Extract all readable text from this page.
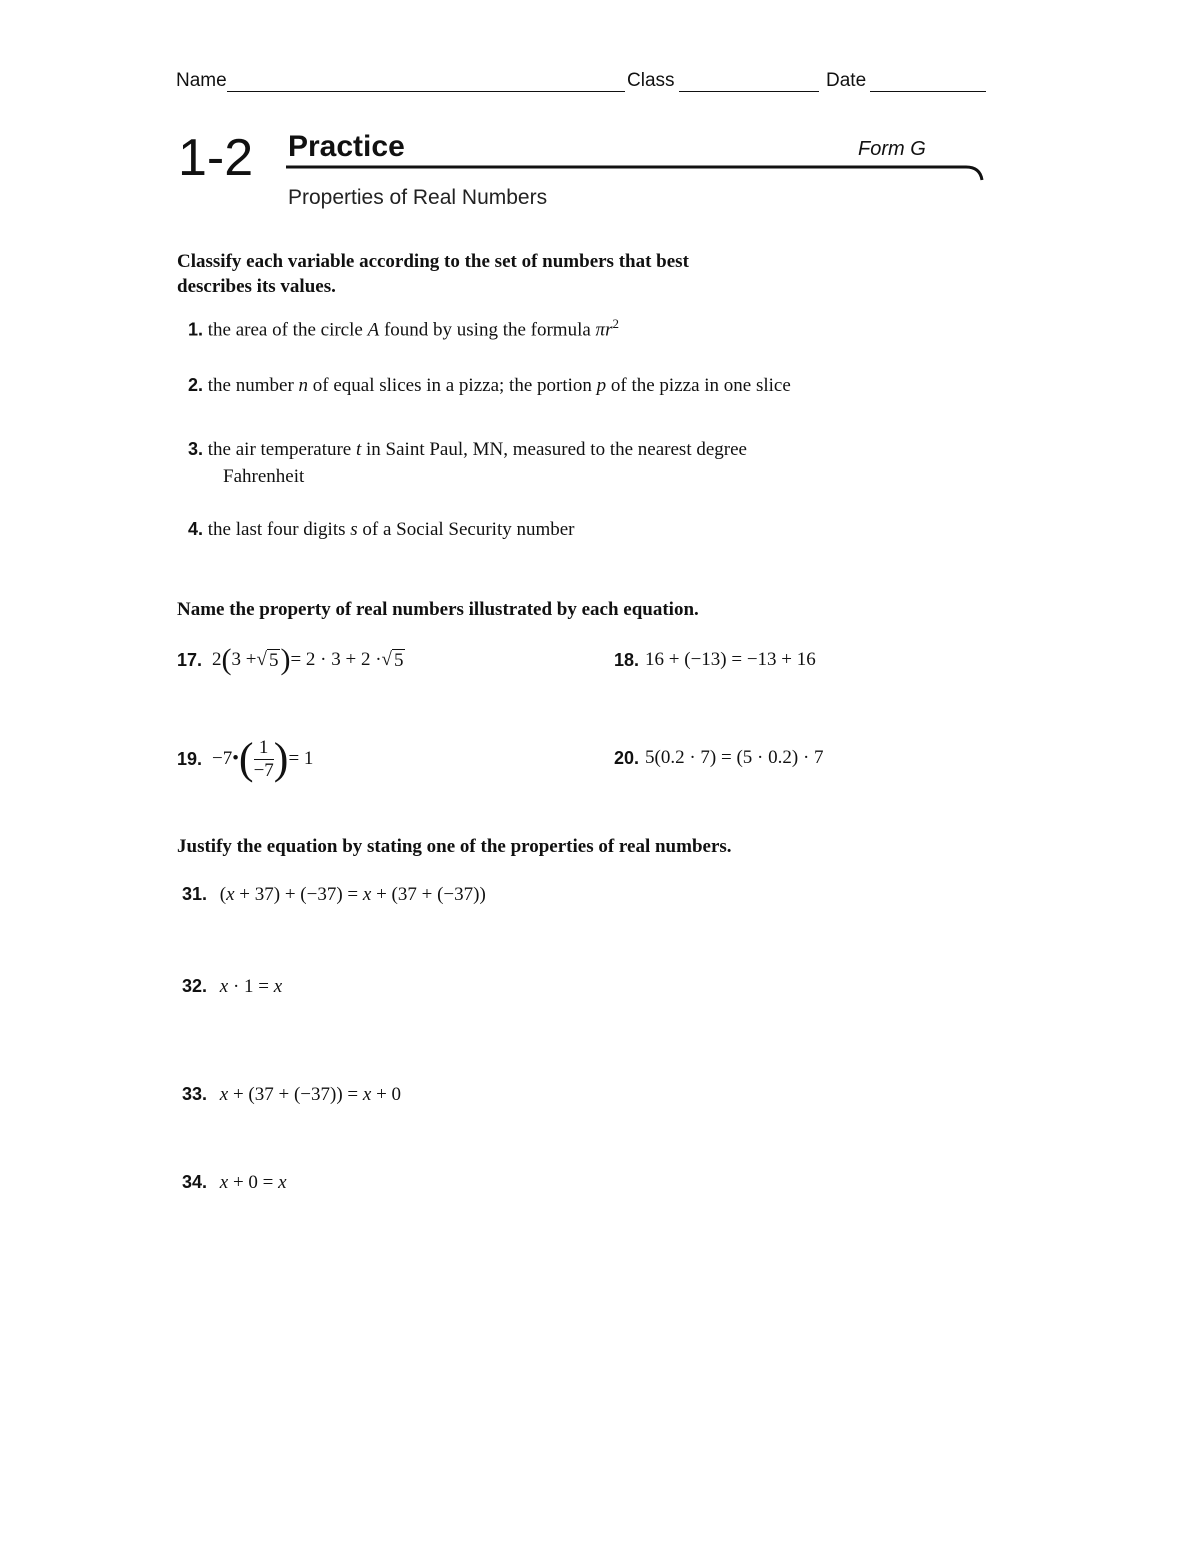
Name	Class	Date
1-2 Practice	Form G
Properties of Real Numbers
Classify each variable according to the set of numbers that best
describes its values.
1. the area of the circle A found by using the formula $\pi r^2$
2. the number n of equal slices in a pizza; the portion p of the pizza in one slice
3. the air temperature t in Saint Paul, MN, measured to the nearest degree
Fahrenheit
4. the last four digits s of a Social Security number
Name the property of real numbers illustrated by each equation.
17. 2 ( 3 + √ 5 ) = 2 · 3 + 2 · √ 5	18. 16 + (−13) = −13 + 16
19. −7• ( $\frac{1}{-7}$ ) = 1	20. 5(0.2 · 7) = (5 · 0.2) · 7
Justify the equation by stating one of the properties of real numbers.
31. (x + 37) + (−37) = x + (37 + (−37))
32. x · 1 = x
33. x + (37 + (−37)) = x + 0
34. x + 0 = x
